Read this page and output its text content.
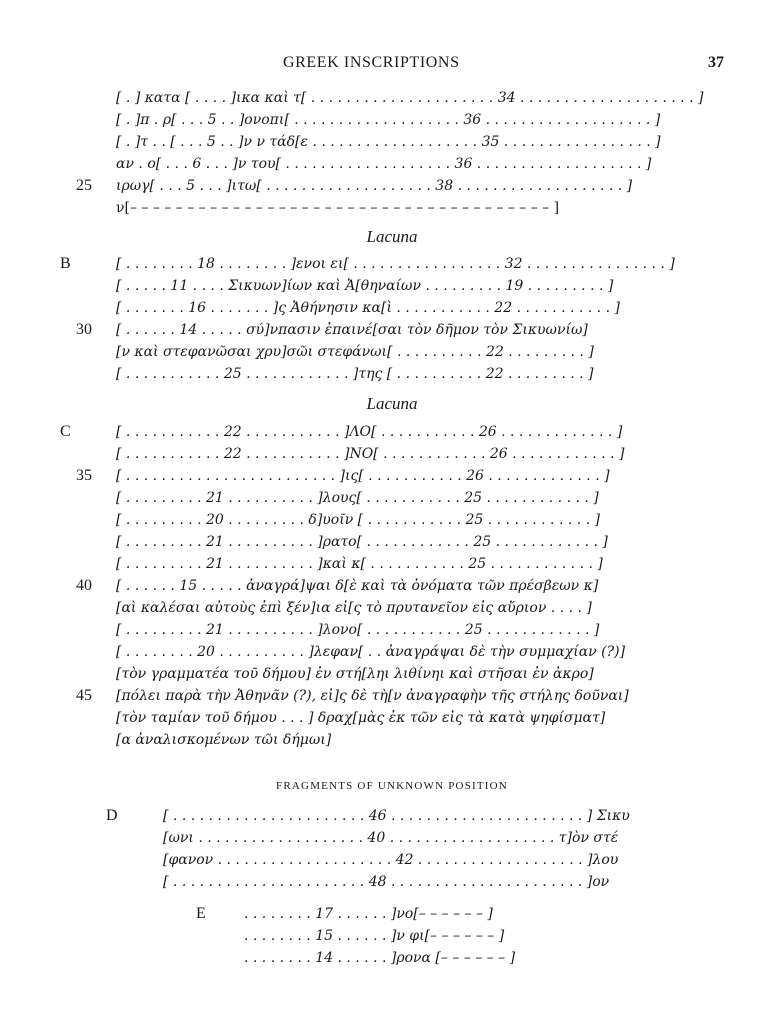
GREEK INSCRIPTIONS	37
[ . ] κατα [ . . . . ]ικα καὶ τ[ . . . . . . . . . . . . . . . . . . . . . 34 . . . . . . . . . . . . . . . . . . . . ]
[ . ]π . ρ[ . . . 5 . . ]ονοπι[ . . . . . . . . . . . . . . . . . . . 36 . . . . . . . . . . . . . . . . . . . ]
[ . ]τ . . [ . . . 5 . . ]ν ν τάδ[ε . . . . . . . . . . . . . . . . . . . 35 . . . . . . . . . . . . . . . . . ]
αν . ο[ . . . 6 . . . ]ν του[ . . . . . . . . . . . . . . . . . . . 36 . . . . . . . . . . . . . . . . . . . ]
25 ιρωγ[ . . . 5 . . . ]ιτω[ . . . . . . . . . . . . . . . . . . . 38 . . . . . . . . . . . . . . . . . . . ]
ν[– – – – – – – – – – – – – – – – – – – – – – – – – – – – – – – – – – – – – ]
Lacuna
B	[ . . . . . . . . 18 . . . . . . . . ]ενοι ει[ . . . . . . . . . . . . . . . . . 32 . . . . . . . . . . . . . . . . ]
[ . . . . . 11 . . . . Σικυων]ίων καὶ Ἀ[θηναίων . . . . . . . . . 19 . . . . . . . . . ]
[ . . . . . . . 16 . . . . . . . ]ς Ἀθήνησιν κα[ὶ . . . . . . . . . . . 22 . . . . . . . . . . . ]
30 [ . . . . . . 14 . . . . . σύ]νπασιν ἐπαινέ[σαι τὸν δῆμον τὸν Σικυωνίω]
[ν καὶ στεφανῶσαι χρυ]σῶι στεφάνωι[ . . . . . . . . . . 22 . . . . . . . . . ]
[ . . . . . . . . . . . 25 . . . . . . . . . . . . ]της [ . . . . . . . . . . 22 . . . . . . . . . ]
Lacuna
C	[ . . . . . . . . . . . 22 . . . . . . . . . . . ]ΛΟ[ . . . . . . . . . . . 26 . . . . . . . . . . . . . ]
[ . . . . . . . . . . . 22 . . . . . . . . . . . ]ΝΟ[ . . . . . . . . . . . . 26 . . . . . . . . . . . . ]
35 [ . . . . . . . . . . . . . . . . . . . . . . . . ]ις[ . . . . . . . . . . . 26 . . . . . . . . . . . . . ]
[ . . . . . . . . . 21 . . . . . . . . . . ]λους[ . . . . . . . . . . . 25 . . . . . . . . . . . . ]
[ . . . . . . . . . 20 . . . . . . . . . δ]υοῖν [ . . . . . . . . . . . 25 . . . . . . . . . . . . ]
[ . . . . . . . . . 21 . . . . . . . . . . ]ρατο[ . . . . . . . . . . . . 25 . . . . . . . . . . . . ]
[ . . . . . . . . . 21 . . . . . . . . . . ]καὶ κ[ . . . . . . . . . . . 25 . . . . . . . . . . . . ]
40 [ . . . . . . 15 . . . . . ἀναγρά]ψαι δ[ὲ καὶ τὰ ὀνόματα τῶν πρέσβεων κ]
[αὶ καλέσαι αὐτοὺς ἐπὶ ξέν]ια εἰ[ς τὸ πρυτανεῖον εἰς αὔριον . . . . ]
[ . . . . . . . . . 21 . . . . . . . . . . ]λονο[ . . . . . . . . . . . 25 . . . . . . . . . . . . ]
[ . . . . . . . . 20 . . . . . . . . . . ]λεφαν[ . . ἀναγράψαι δὲ τὴν συμμαχίαν (?)]
[τὸν γραμματέα τοῦ δήμου] ἐν στή[ληι λιθίνηι καὶ στῆσαι ἐν ἀκρο]
45 [πόλει παρὰ τὴν Ἀθηνᾶν (?), εἰ]ς δὲ τὴ[ν ἀναγραφὴν τῆς στήλης δοῦναι]
[τὸν ταμίαν τοῦ δήμου . . . ] δραχ[μὰς ἐκ τῶν εἰς τὰ κατὰ ψηφίσματ]
[α ἀναλισκομένων τῶι δήμωι]
FRAGMENTS OF UNKNOWN POSITION
D	[ . . . . . . . . . . . . . . . . . . . . . . 46 . . . . . . . . . . . . . . . . . . . . . . ] Σικυ
[ωνι . . . . . . . . . . . . . . . . . . . 40 . . . . . . . . . . . . . . . . . . . τ]ὸν στέ
[φανον . . . . . . . . . . . . . . . . . . . . 42 . . . . . . . . . . . . . . . . . . . ]λου
[ . . . . . . . . . . . . . . . . . . . . . . 48 . . . . . . . . . . . . . . . . . . . . . . ]ον
E	. . . . . . . . 17 . . . . . . ]νο[– – – – – – ]
. . . . . . . . 15 . . . . . . ]ν φι[– – – – – – ]
. . . . . . . . 14 . . . . . . ]ρονα [– – – – – – ]
